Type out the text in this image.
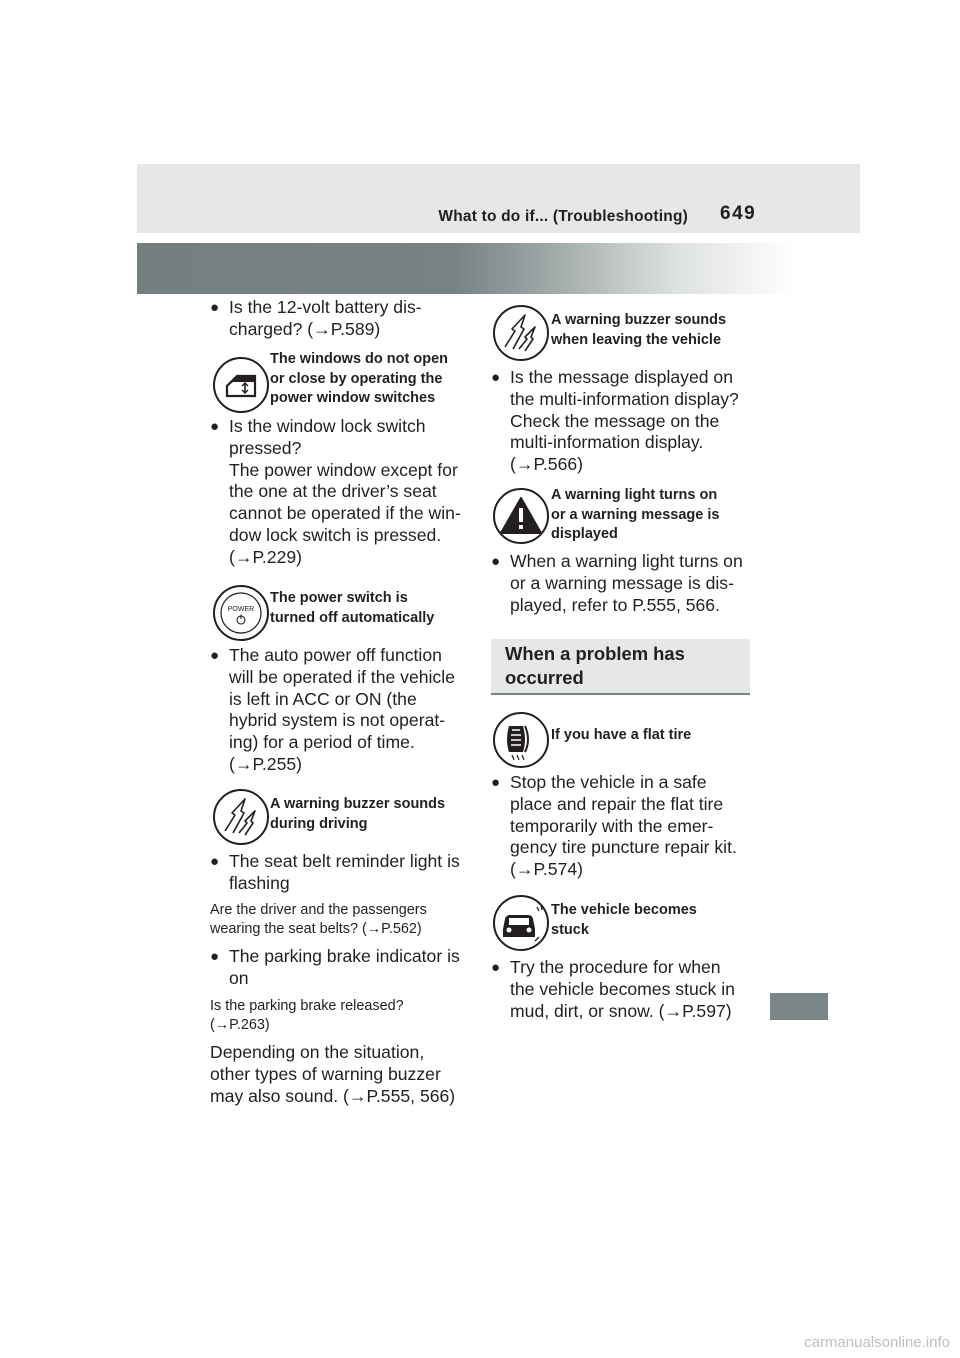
What to do if... (Troubleshooting) 649
● Is the 12-volt battery dis-
charged? (→P.589)
The windows do not open
or close by operating the
power window switches
● Is the window lock switch
pressed?
The power window except for
the one at the driver’s seat
cannot be operated if the win-
dow lock switch is pressed.
(→P.229)
POWER
The power switch is
turned off automatically
● The auto power off function
will be operated if the vehicle
is left in ACC or ON (the
hybrid system is not operat-
ing) for a period of time.
(→P.255)
A warning buzzer sounds
during driving
● The seat belt reminder light is
flashing
Are the driver and the passengers
wearing the seat belts? (→P.562)
● The parking brake indicator is
on
Is the parking brake released?
(→P.263)
Depending on the situation,
other types of warning buzzer
may also sound. (→P.555, 566)
A warning buzzer sounds
when leaving the vehicle
● Is the message displayed on
the multi-information display?
Check the message on the
multi-information display.
(→P.566)
A warning light turns on
or a warning message is
displayed
● When a warning light turns on
or a warning message is dis-
played, refer to P.555, 566.
When a problem has
occurred
If you have a flat tire
● Stop the vehicle in a safe
place and repair the flat tire
temporarily with the emer-
gency tire puncture repair kit.
(→P.574)
The vehicle becomes
stuck
● Try the procedure for when
the vehicle becomes stuck in
mud, dirt, or snow. (→P.597)
carmanualsonline.info
